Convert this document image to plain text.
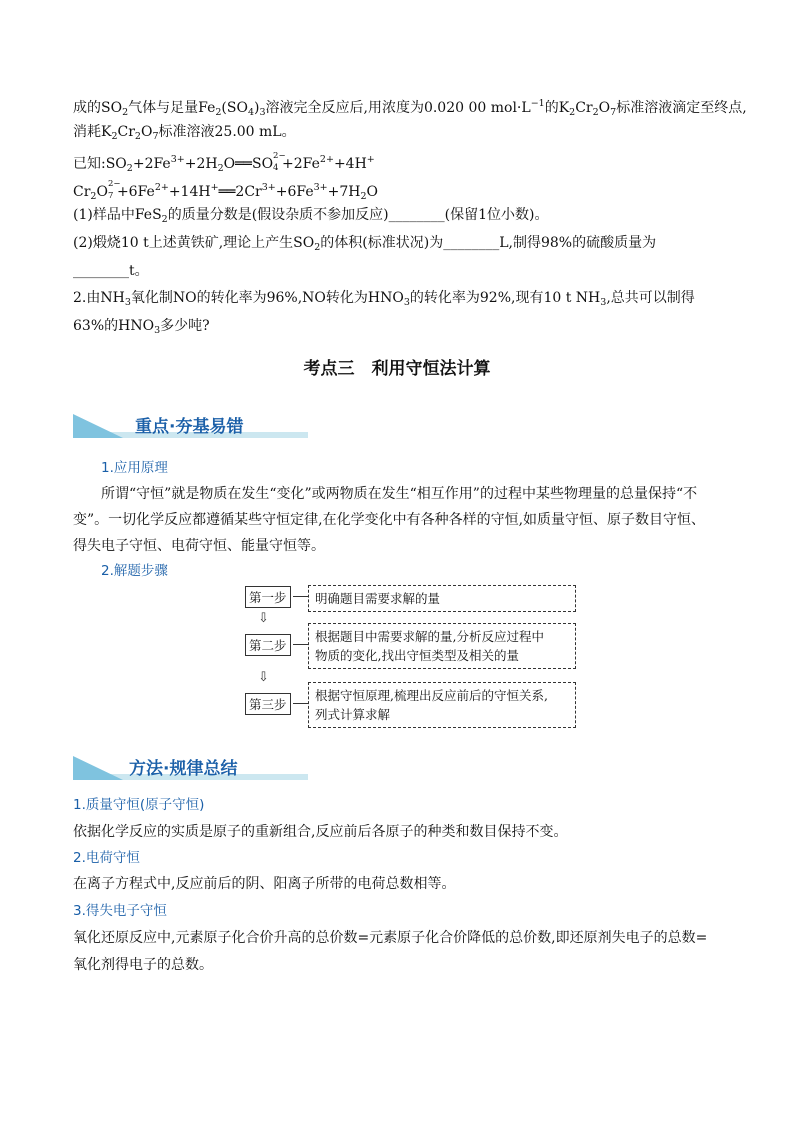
成的$SO_2$气体与足量$Fe_2(SO_4)_3$溶液完全反应后,用浓度为0.020 00 $mol\cdot L^{-1}$的$K_2Cr_2O_7$标准溶液滴定至终点,
消耗$K_2Cr_2O_7$标准溶液25.00 mL。
已知$:SO_2+2Fe^{3+}+2H_2O══SO$ 2−
$4 +2Fe^{2+}+4H^+$
$Cr_2O$ 2−
$7 +6Fe^{2+}+14H^+══2Cr^{3+}+6Fe^{3+}+7H_2O$
(1)样品中FeS$_2$的质量分数是(假设杂质不参加反应)________(保留1位小数)。
(2)煅烧10 t上述黄铁矿,理论上产生$SO_2$的体积(标准状况)为________L,制得98%的硫酸质量为
________t。
2.由$NH_3$氧化制NO的转化率为96%,NO转化为$HNO_3$的转化率为92%,现有10 t $NH_3$,总共可以制得
63%的$HNO_3$多少吨?
考点三　利用守恒法计算
重点·夯基易错
1.应用原理
所谓“守恒”就是物质在发生“变化”或两物质在发生“相互作用”的过程中某些物理量的总量保持“不
变”。一切化学反应都遵循某些守恒定律,在化学变化中有各种各样的守恒,如质量守恒、原子数目守恒、
得失电子守恒、电荷守恒、能量守恒等。
2.解题步骤
第一步	明确题目需要求解的量
⇩
第二步
根据题目中需要求解的量,分析反应过程中
物质的变化,找出守恒类型及相关的量
⇩
第三步
根据守恒原理,梳理出反应前后的守恒关系,
列式计算求解
方法·规律总结
1.质量守恒(原子守恒)
依据化学反应的实质是原子的重新组合,反应前后各原子的种类和数目保持不变。
2.电荷守恒
在离子方程式中,反应前后的阴、阳离子所带的电荷总数相等。
3.得失电子守恒
氧化还原反应中,元素原子化合价升高的总价数=元素原子化合价降低的总价数,即还原剂失电子的总数=
氧化剂得电子的总数。
